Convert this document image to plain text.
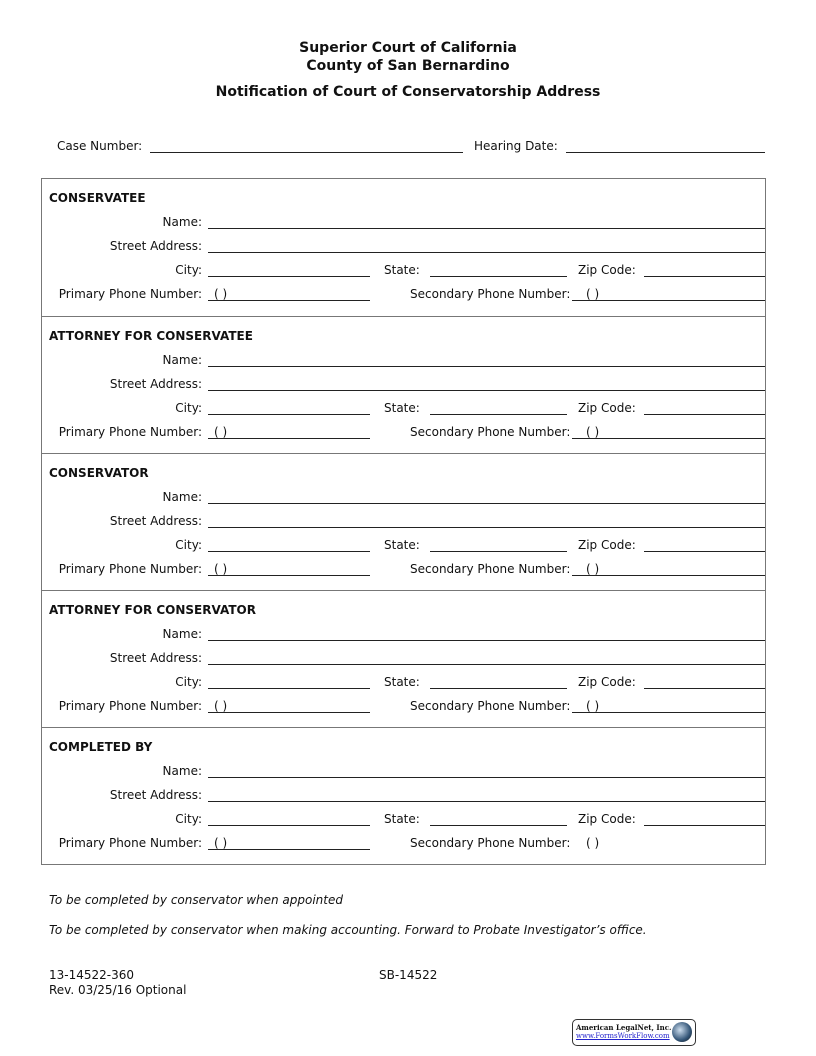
Superior Court of California
County of San Bernardino
Notification of Court of Conservatorship Address
Case Number:	Hearing Date:
CONSERVATEE
Name:
Street Address:
City:	State:	Zip Code:
Primary Phone Number: ( )	Secondary Phone Number: ( )
ATTORNEY FOR CONSERVATEE
Name:
Street Address:
City:	State:	Zip Code:
Primary Phone Number: ( )	Secondary Phone Number: ( )
CONSERVATOR
Name:
Street Address:
City:	State:	Zip Code:
Primary Phone Number: ( )	Secondary Phone Number: ( )
ATTORNEY FOR CONSERVATOR
Name:
Street Address:
City:	State:	Zip Code:
Primary Phone Number: ( )	Secondary Phone Number: ( )
COMPLETED BY
Name:
Street Address:
City:	State:	Zip Code:
Primary Phone Number: ( )	Secondary Phone Number: ( )
To be completed by conservator when appointed
To be completed by conservator when making accounting. Forward to Probate Investigator’s office.
13-14522-360
Rev. 03/25/16 Optional
SB-14522
American LegalNet, Inc.
www.FormsWorkFlow.com
